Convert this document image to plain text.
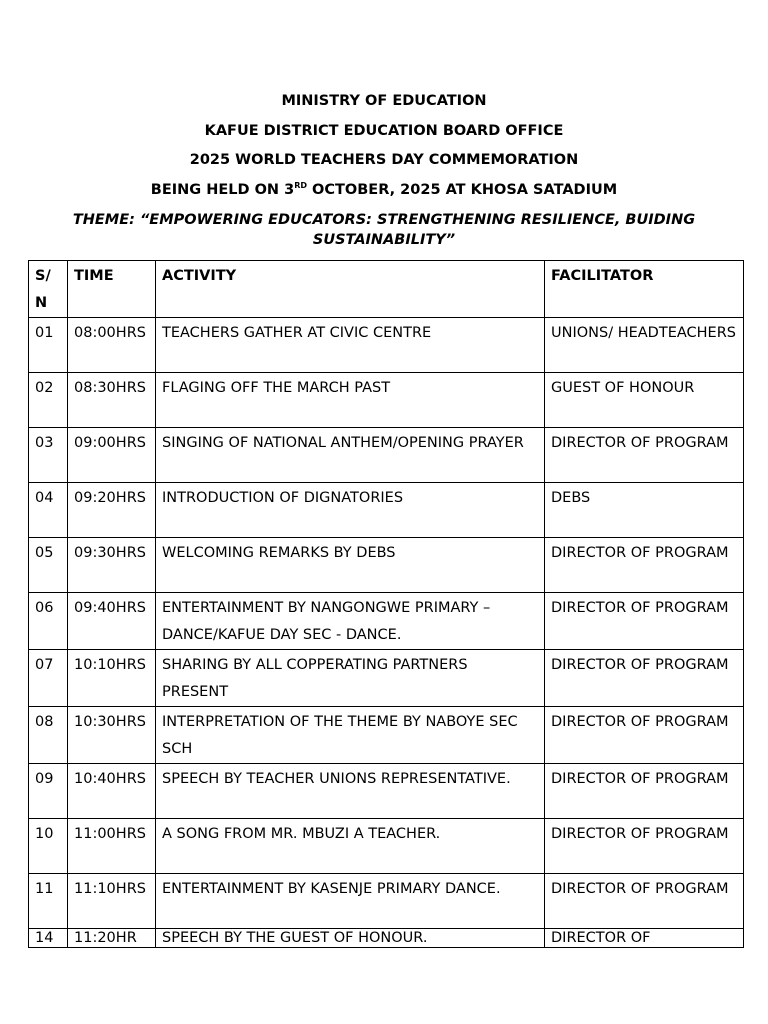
MINISTRY OF EDUCATION

KAFUE DISTRICT EDUCATION BOARD OFFICE

2025 WORLD TEACHERS DAY COMMEMORATION

BEING HELD ON 3RD OCTOBER, 2025 AT KHOSA SATADIUM

THEME: “EMPOWERING EDUCATORS: STRENGTHENING RESILIENCE, BUIDING SUSTAINABILITY”

S/N	TIME	ACTIVITY	FACILITATOR
01	08:00HRS	TEACHERS GATHER AT CIVIC CENTRE	UNIONS/ HEADTEACHERS
02	08:30HRS	FLAGING OFF THE MARCH PAST	GUEST OF HONOUR
03	09:00HRS	SINGING OF NATIONAL ANTHEM/OPENING PRAYER	DIRECTOR OF PROGRAM
04	09:20HRS	INTRODUCTION OF DIGNATORIES	DEBS
05	09:30HRS	WELCOMING REMARKS BY DEBS	DIRECTOR OF PROGRAM
06	09:40HRS	ENTERTAINMENT BY NANGONGWE PRIMARY – DANCE/KAFUE DAY SEC - DANCE.	DIRECTOR OF PROGRAM
07	10:10HRS	SHARING BY ALL COPPERATING PARTNERS PRESENT	DIRECTOR OF PROGRAM
08	10:30HRS	INTERPRETATION OF THE THEME BY NABOYE SEC SCH	DIRECTOR OF PROGRAM
09	10:40HRS	SPEECH BY TEACHER UNIONS REPRESENTATIVE.	DIRECTOR OF PROGRAM
10	11:00HRS	A SONG FROM MR. MBUZI A TEACHER.	DIRECTOR OF PROGRAM
11	11:10HRS	ENTERTAINMENT BY KASENJE PRIMARY DANCE.	DIRECTOR OF PROGRAM
14	11:20HR	SPEECH BY THE GUEST OF HONOUR.	DIRECTOR OF
